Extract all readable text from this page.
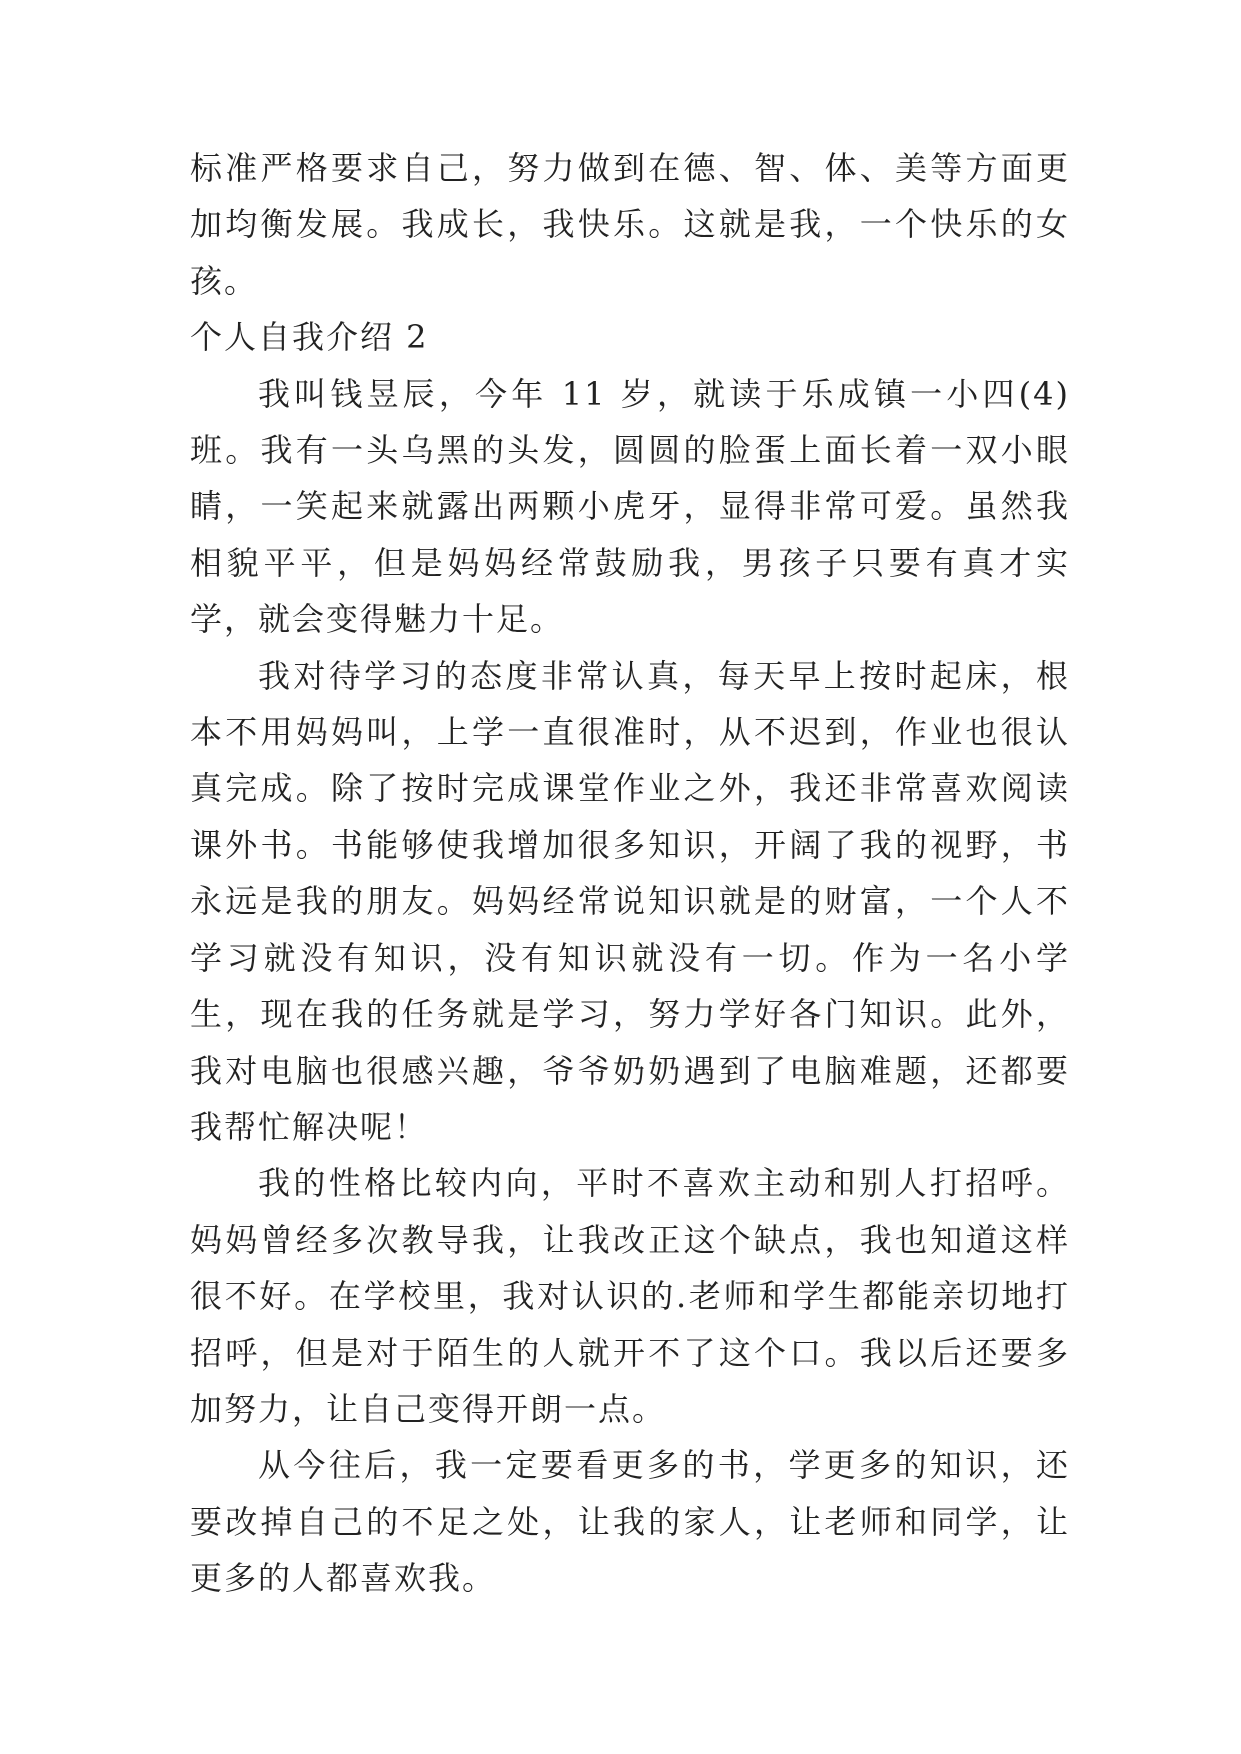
标准严格要求自己，努力做到在德、智、体、美等方面更加均衡发展。我成长，我快乐。这就是我，一个快乐的女孩。

个人自我介绍 2

我叫钱昱辰，今年 11 岁，就读于乐成镇一小四(4)班。我有一头乌黑的头发，圆圆的脸蛋上面长着一双小眼睛，一笑起来就露出两颗小虎牙，显得非常可爱。虽然我相貌平平，但是妈妈经常鼓励我，男孩子只要有真才实学，就会变得魅力十足。

我对待学习的态度非常认真，每天早上按时起床，根本不用妈妈叫，上学一直很准时，从不迟到，作业也很认真完成。除了按时完成课堂作业之外，我还非常喜欢阅读课外书。书能够使我增加很多知识，开阔了我的视野，书永远是我的朋友。妈妈经常说知识就是的财富，一个人不学习就没有知识，没有知识就没有一切。作为一名小学生，现在我的任务就是学习，努力学好各门知识。此外，我对电脑也很感兴趣，爷爷奶奶遇到了电脑难题，还都要我帮忙解决呢！

我的性格比较内向，平时不喜欢主动和别人打招呼。妈妈曾经多次教导我，让我改正这个缺点，我也知道这样很不好。在学校里，我对认识的.老师和学生都能亲切地打招呼，但是对于陌生的人就开不了这个口。我以后还要多加努力，让自己变得开朗一点。

从今往后，我一定要看更多的书，学更多的知识，还要改掉自己的不足之处，让我的家人，让老师和同学，让更多的人都喜欢我。
